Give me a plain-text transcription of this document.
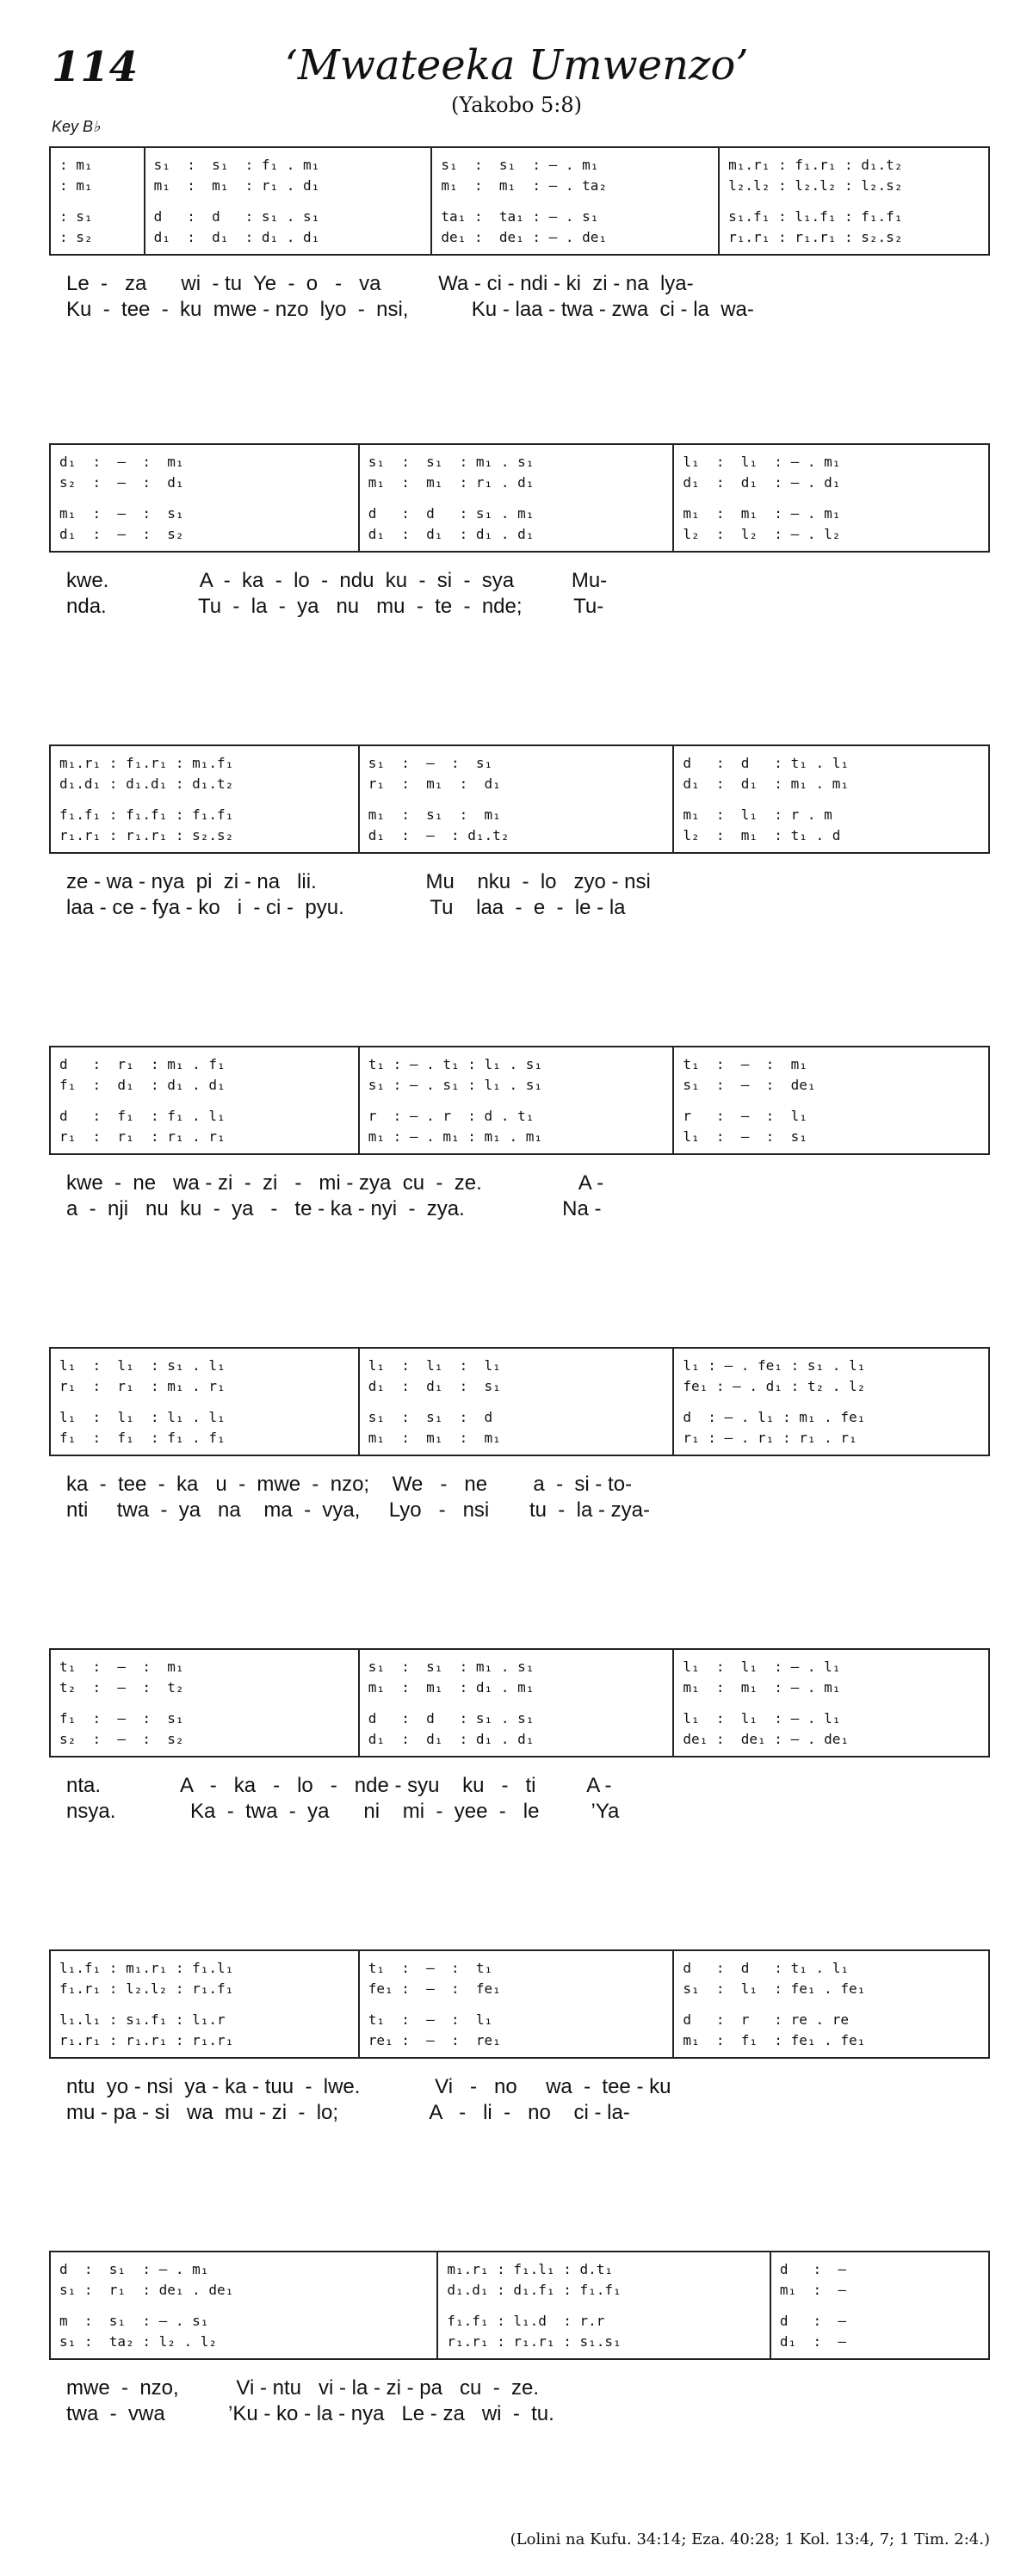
114	‘Mwateeka Umwenzo’
(Yakobo 5:8)
Key B♭
: m₁
: m₁
: s₁
: s₂
s₁  :  s₁  : f₁ . m₁
m₁  :  m₁  : r₁ . d₁
d   :  d   : s₁ . s₁
d₁  :  d₁  : d₁ . d₁
s₁  :  s₁  : – . m₁
m₁  :  m₁  : – . ta₂
ta₁ :  ta₁ : – . s₁
de₁ :  de₁ : – . de₁
m₁.r₁ : f₁.r₁ : d₁.t₂
l₂.l₂ : l₂.l₂ : l₂.s₂
s₁.f₁ : l₁.f₁ : f₁.f₁
r₁.r₁ : r₁.r₁ : s₂.s₂
Le  -   za      wi  - tu  Ye  -  o   -   va          Wa - ci - ndi - ki  zi - na  lya-
Ku  -  tee  -  ku  mwe - nzo  lyo  -  nsi,           Ku - laa - twa - zwa  ci - la  wa-
d₁  :  —  :  m₁
s₂  :  —  :  d₁
m₁  :  —  :  s₁
d₁  :  —  :  s₂
s₁  :  s₁  : m₁ . s₁
m₁  :  m₁  : r₁ . d₁
d   :  d   : s₁ . m₁
d₁  :  d₁  : d₁ . d₁
l₁  :  l₁  : – . m₁
d₁  :  d₁  : – . d₁
m₁  :  m₁  : – . m₁
l₂  :  l₂  : – . l₂
kwe.                A  -  ka  -  lo  -  ndu  ku  -  si  -  sya          Mu-
nda.                Tu  -  la  -  ya   nu   mu  -  te  -  nde;         Tu-
m₁.r₁ : f₁.r₁ : m₁.f₁
d₁.d₁ : d₁.d₁ : d₁.t₂
f₁.f₁ : f₁.f₁ : f₁.f₁
r₁.r₁ : r₁.r₁ : s₂.s₂
s₁  :  —  :  s₁
r₁  :  m₁  :  d₁
m₁  :  s₁  :  m₁
d₁  :  —  : d₁.t₂
d   :  d   : t₁ . l₁
d₁  :  d₁  : m₁ . m₁
m₁  :  l₁  : r . m
l₂  :  m₁  : t₁ . d
ze - wa - nya  pi  zi - na   lii.                   Mu    nku  -  lo   zyo - nsi
laa - ce - fya - ko   i  - ci -  pyu.               Tu    laa  -  e  -  le - la
d   :  r₁  : m₁ . f₁
f₁  :  d₁  : d₁ . d₁
d   :  f₁  : f₁ . l₁
r₁  :  r₁  : r₁ . r₁
t₁ : – . t₁ : l₁ . s₁
s₁ : – . s₁ : l₁ . s₁
r  : – . r  : d . t₁
m₁ : – . m₁ : m₁ . m₁
t₁  :  —  :  m₁
s₁  :  —  :  de₁
r   :  —  :  l₁
l₁  :  —  :  s₁
kwe  -  ne   wa - zi  -  zi   -   mi - zya  cu  -  ze.                 A -
a  -  nji   nu  ku  -  ya   -   te - ka - nyi  -  zya.                 Na -
l₁  :  l₁  : s₁ . l₁
r₁  :  r₁  : m₁ . r₁
l₁  :  l₁  : l₁ . l₁
f₁  :  f₁  : f₁ . f₁
l₁  :  l₁  :  l₁
d₁  :  d₁  :  s₁
s₁  :  s₁  :  d
m₁  :  m₁  :  m₁
l₁ : – . fe₁ : s₁ . l₁
fe₁ : – . d₁ : t₂ . l₂
d  : – . l₁ : m₁ . fe₁
r₁ : – . r₁ : r₁ . r₁
ka  -  tee  -  ka   u  -  mwe  -  nzo;    We   -   ne        a  -  si - to-
nti     twa  -  ya   na    ma  -  vya,     Lyo   -   nsi       tu  -  la - zya-
t₁  :  —  :  m₁
t₂  :  —  :  t₂
f₁  :  —  :  s₁
s₂  :  —  :  s₂
s₁  :  s₁  : m₁ . s₁
m₁  :  m₁  : d₁ . m₁
d   :  d   : s₁ . s₁
d₁  :  d₁  : d₁ . d₁
l₁  :  l₁  : – . l₁
m₁  :  m₁  : – . m₁
l₁  :  l₁  : – . l₁
de₁ :  de₁ : – . de₁
nta.              A   -   ka   -   lo   -   nde - syu    ku   -   ti         A -
nsya.             Ka  -  twa  -  ya      ni    mi  -  yee  -   le         ’Ya
l₁.f₁ : m₁.r₁ : f₁.l₁
f₁.r₁ : l₂.l₂ : r₁.f₁
l₁.l₁ : s₁.f₁ : l₁.r
r₁.r₁ : r₁.r₁ : r₁.r₁
t₁  :  —  :  t₁
fe₁ :  —  :  fe₁
t₁  :  —  :  l₁
re₁ :  —  :  re₁
d   :  d   : t₁ . l₁
s₁  :  l₁  : fe₁ . fe₁
d   :  r   : re . re
m₁  :  f₁  : fe₁ . fe₁
ntu  yo - nsi  ya - ka - tuu  -  lwe.             Vi   -   no     wa  -  tee - ku
mu - pa - si   wa  mu - zi  -  lo;                A   -   li  -   no    ci - la-
d  :  s₁  : – . m₁
s₁ :  r₁  : de₁ . de₁
m  :  s₁  : – . s₁
s₁ :  ta₂ : l₂ . l₂
m₁.r₁ : f₁.l₁ : d.t₁
d₁.d₁ : d₁.f₁ : f₁.f₁
f₁.f₁ : l₁.d  : r.r
r₁.r₁ : r₁.r₁ : s₁.s₁
d   :  —
m₁  :  —
d   :  —
d₁  :  —
mwe  -  nzo,          Vi - ntu   vi - la - zi - pa   cu  -  ze.
twa  -  vwa           ’Ku - ko - la - nya   Le - za   wi  -  tu.
(Lolini na Kufu. 34:14; Eza. 40:28; 1 Kol. 13:4, 7; 1 Tim. 2:4.)
